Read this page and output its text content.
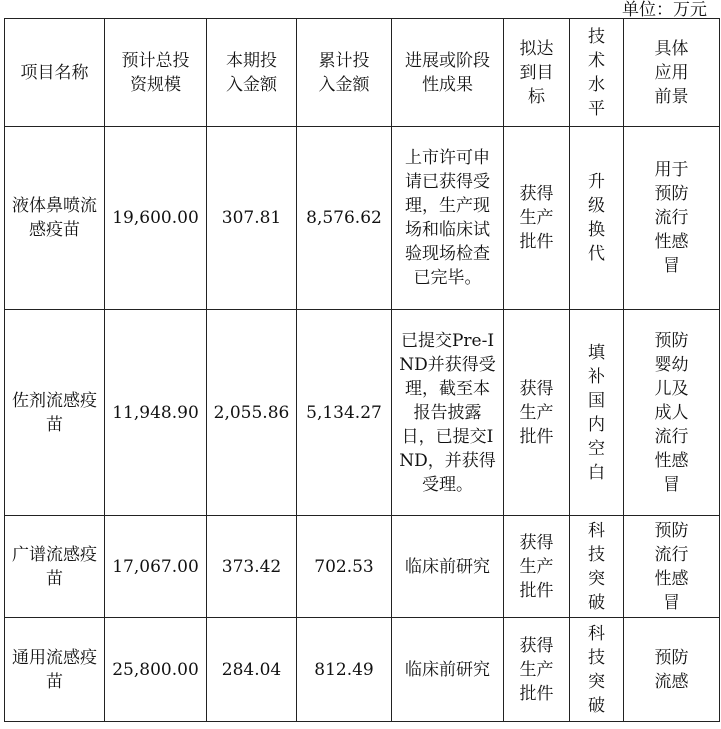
单位：万元
项目名称	预计总投资规模	本期投入金额	累计投入金额	进展或阶段性成果	拟达到目标	技术水平	具体应用前景
液体鼻喷流感疫苗	19,600.00	307.81	8,576.62	上市许可申请已获得受理，生产现场和临床试验现场检查已完毕。	获得生产批件	升级换代	用于预防流行性感冒
佐剂流感疫苗	11,948.90	2,055.86	5,134.27	已提交Pre-IND并获得受理，截至本报告披露日，已提交IND，并获得受理。	获得生产批件	填补国内空白	预防婴幼儿及成人流行性感冒
广谱流感疫苗	17,067.00	373.42	702.53	临床前研究	获得生产批件	科技突破	预防流行性感冒
通用流感疫苗	25,800.00	284.04	812.49	临床前研究	获得生产批件	科技突破	预防流感
